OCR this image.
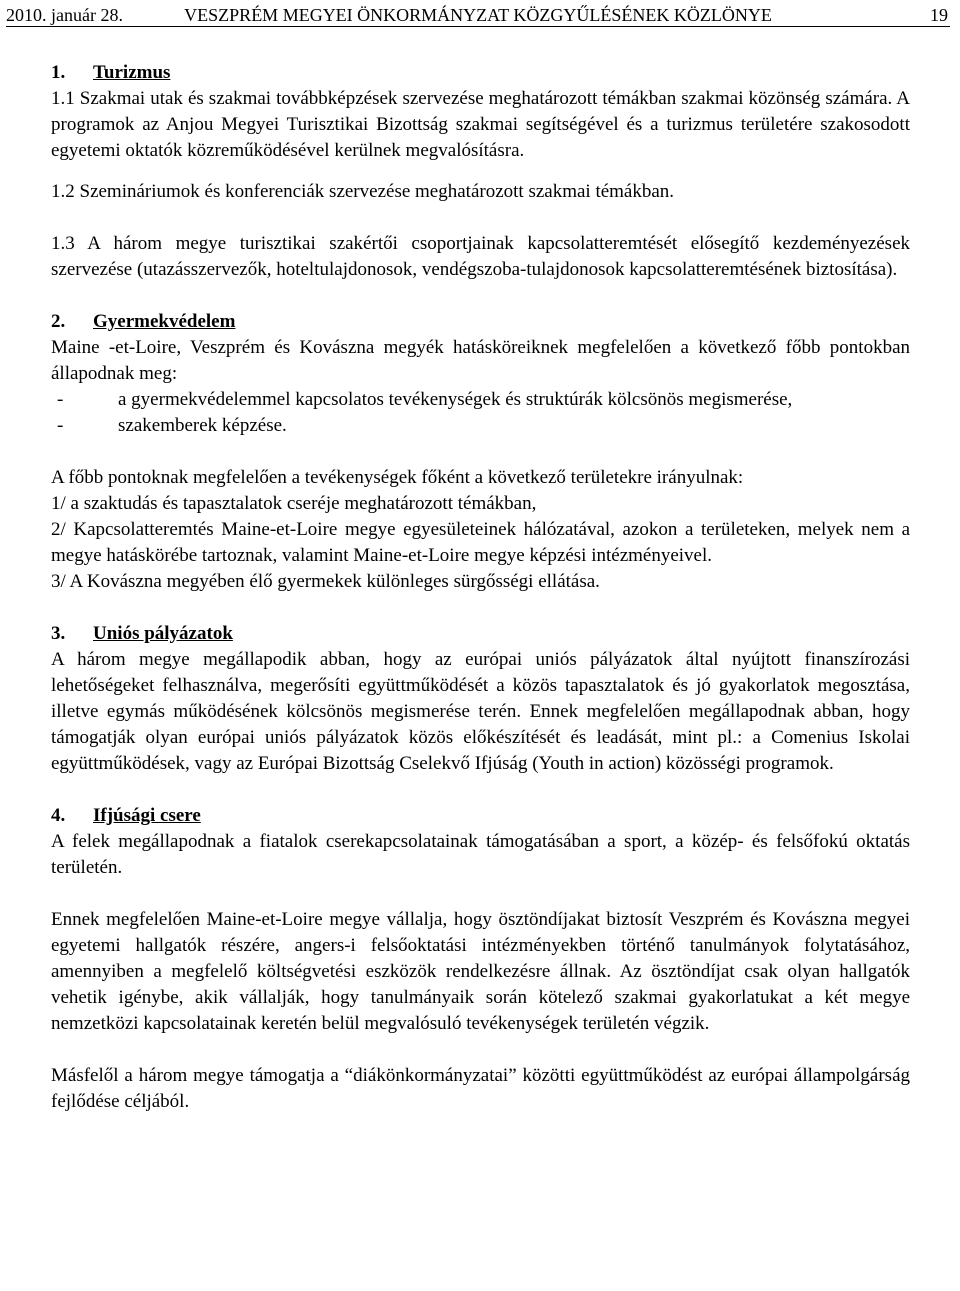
2010. január 28.	VESZPRÉM MEGYEI ÖNKORMÁNYZAT KÖZGYŰLÉSÉNEK KÖZLÖNYE	19
1.	Turizmus

1.1 Szakmai utak és szakmai továbbképzések szervezése meghatározott témákban szakmai közönség számára. A programok az Anjou Megyei Turisztikai Bizottság szakmai segítségével és a turizmus területére szakosodott egyetemi oktatók közreműködésével kerülnek megvalósításra.

1.2 Szemináriumok és konferenciák szervezése meghatározott szakmai témákban.

1.3 A három megye turisztikai szakértői csoportjainak kapcsolatteremtését elősegítő kezdeményezések szervezése (utazásszervezők, hoteltulajdonosok, vendégszoba-tulajdonosok kapcsolatteremtésének biztosítása).

2.	Gyermekvédelem

Maine -et-Loire, Veszprém és Kovászna megyék hatásköreiknek megfelelően a következő főbb pontokban állapodnak meg:

-	a gyermekvédelemmel kapcsolatos tevékenységek és struktúrák kölcsönös megismerése,
-	szakemberek képzése.

A főbb pontoknak megfelelően a tevékenységek főként a következő területekre irányulnak:

1/ a szaktudás és tapasztalatok cseréje meghatározott témákban,

2/ Kapcsolatteremtés Maine-et-Loire megye egyesületeinek hálózatával, azokon a területeken, melyek nem a megye hatáskörébe tartoznak, valamint Maine-et-Loire megye képzési intézményeivel.

3/ A Kovászna megyében élő gyermekek különleges sürgősségi ellátása.

3.	Uniós pályázatok

A három megye megállapodik abban, hogy az európai uniós pályázatok által nyújtott finanszírozási lehetőségeket felhasználva, megerősíti együttműködését a közös tapasztalatok és jó gyakorlatok megosztása, illetve egymás működésének kölcsönös megismerése terén. Ennek megfelelően megállapodnak abban, hogy támogatják olyan európai uniós pályázatok közös előkészítését és leadását, mint pl.: a Comenius Iskolai együttműködések, vagy az Európai Bizottság Cselekvő Ifjúság (Youth in action) közösségi programok.

4.	Ifjúsági csere

A felek megállapodnak a fiatalok cserekapcsolatainak támogatásában a sport, a közép- és felsőfokú oktatás területén.

Ennek megfelelően Maine-et-Loire megye vállalja, hogy ösztöndíjakat biztosít Veszprém és Kovászna megyei egyetemi hallgatók részére, angers-i felsőoktatási intézményekben történő tanulmányok folytatásához, amennyiben a megfelelő költségvetési eszközök rendelkezésre állnak. Az ösztöndíjat csak olyan hallgatók vehetik igénybe, akik vállalják, hogy tanulmányaik során kötelező szakmai gyakorlatukat a két megye nemzetközi kapcsolatainak keretén belül megvalósuló tevékenységek területén végzik.

Másfelől a három megye támogatja a “diákönkormányzatai” közötti együttműködést az európai állampolgárság fejlődése céljából.
